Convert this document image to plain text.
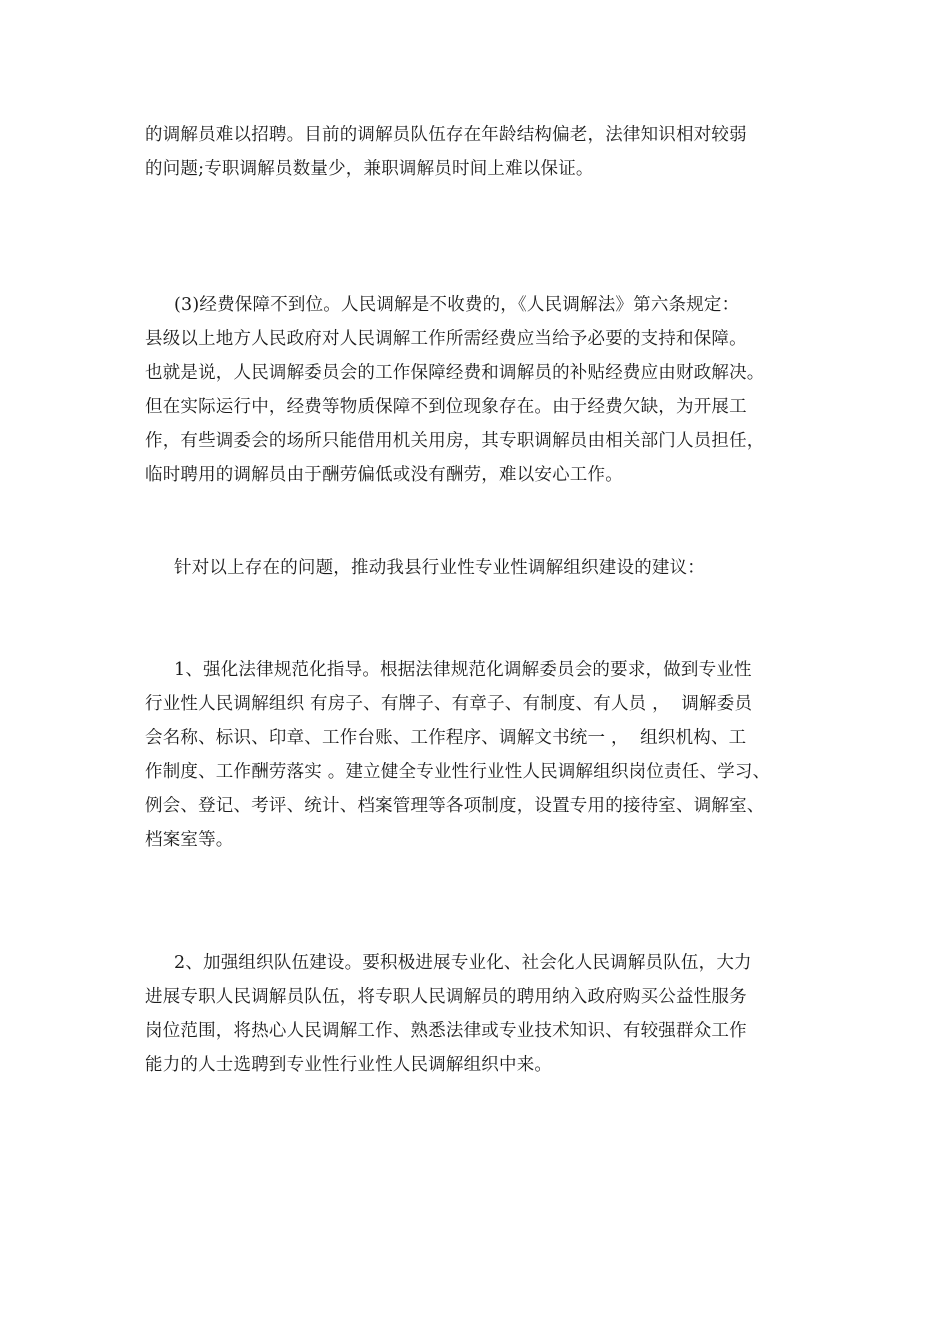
的调解员难以招聘。目前的调解员队伍存在年龄结构偏老，法律知识相对较弱
的问题;专职调解员数量少，兼职调解员时间上难以保证。
(3)经费保障不到位。人民调解是不收费的，《人民调解法》第六条规定：
县级以上地方人民政府对人民调解工作所需经费应当给予必要的支持和保障。
也就是说，人民调解委员会的工作保障经费和调解员的补贴经费应由财政解决。
但在实际运行中，经费等物质保障不到位现象存在。由于经费欠缺，为开展工
作，有些调委会的场所只能借用机关用房，其专职调解员由相关部门人员担任，
临时聘用的调解员由于酬劳偏低或没有酬劳，难以安心工作。
针对以上存在的问题，推动我县行业性专业性调解组织建设的建议：
1、强化法律规范化指导。根据法律规范化调解委员会的要求，做到专业性
行业性人民调解组织 有房子、有牌子、有章子、有制度、有人员 ，  调解委员
会名称、标识、印章、工作台账、工作程序、调解文书统一 ，  组织机构、工
作制度、工作酬劳落实 。建立健全专业性行业性人民调解组织岗位责任、学习、
例会、登记、考评、统计、档案管理等各项制度，设置专用的接待室、调解室、
档案室等。
2、加强组织队伍建设。要积极进展专业化、社会化人民调解员队伍，大力
进展专职人民调解员队伍，将专职人民调解员的聘用纳入政府购买公益性服务
岗位范围，将热心人民调解工作、熟悉法律或专业技术知识、有较强群众工作
能力的人士选聘到专业性行业性人民调解组织中来。
